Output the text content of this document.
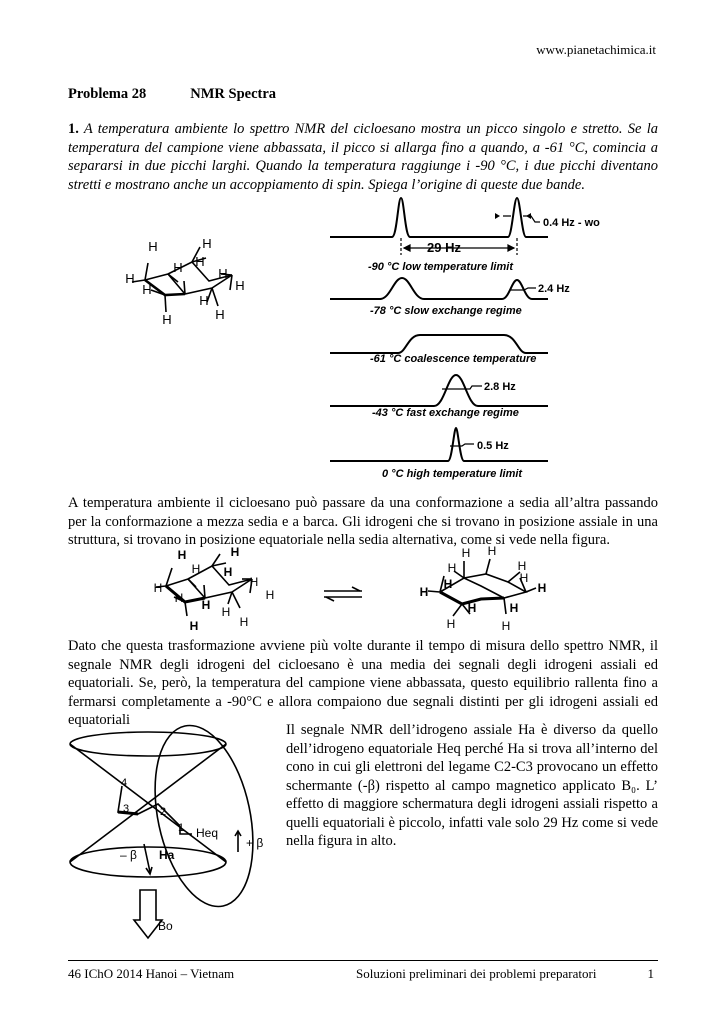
www.pianetachimica.it
Problema 28	NMR Spectra
1. A temperatura ambiente lo spettro NMR del cicloesano mostra un picco singolo e stretto. Se la temperatura del campione viene abbassata, il picco si allarga fino a quando, a -61 °C, comincia a separarsi in due picchi larghi. Quando la temperatura raggiunge i -90 °C, i due picchi diventano stretti e mostrano anche un accoppiamento di spin. Spiega l’origine di queste due bande.
H	H
H
H	H
H
H	H
H
H	H
-90 °C low temperature limit
-78 °C slow exchange regime
-61 °C coalescence temperature
-43 °C fast exchange regime
0 °C high temperature limit
0.4 Hz - wo
29 Hz
2.4 Hz
2.8 Hz
0.5 Hz
A temperatura ambiente il cicloesano può passare da una conformazione a sedia all’altra passando per la conformazione a mezza sedia e a barca. Gli idrogeni che si trovano in posizione assiale in una struttura, si trovano in posizione equatoriale nella sedia alternativa, come si vede nella figura.
H	H
H H
H
H
H H
H
H
H	H
H
H
H
H
H
H	H
H
H	H
H	H
Dato che questa trasformazione avviene più volte durante il tempo di misura dello spettro NMR, il segnale NMR degli idrogeni del cicloesano è una media dei segnali degli idrogeni assiali ed equatoriali. Se, però, la temperatura del campione viene abbassata, questo equilibrio rallenta fino a fermarsi completamente a -90°C e allora compaiono due segnali distinti per gli idrogeni assiali ed equatoriali
4
3	2
1 Heq
Ha
– β
+ β
Bo
Il segnale NMR dell’idrogeno assiale Ha è diverso da quello dell’idrogeno equatoriale Heq perché Ha si trova all’interno del cono in cui gli elettroni del legame C2-C3 provocano un effetto schermante (-β) rispetto al campo magnetico applicato B₀. L’ effetto di maggiore schermatura degli idrogeni assiali rispetto a quelli equatoriali è piccolo, infatti vale solo 29 Hz come si vede nella figura in alto.
46 IChO 2014 Hanoi – Vietnam	Soluzioni preliminari dei problemi preparatori	1
